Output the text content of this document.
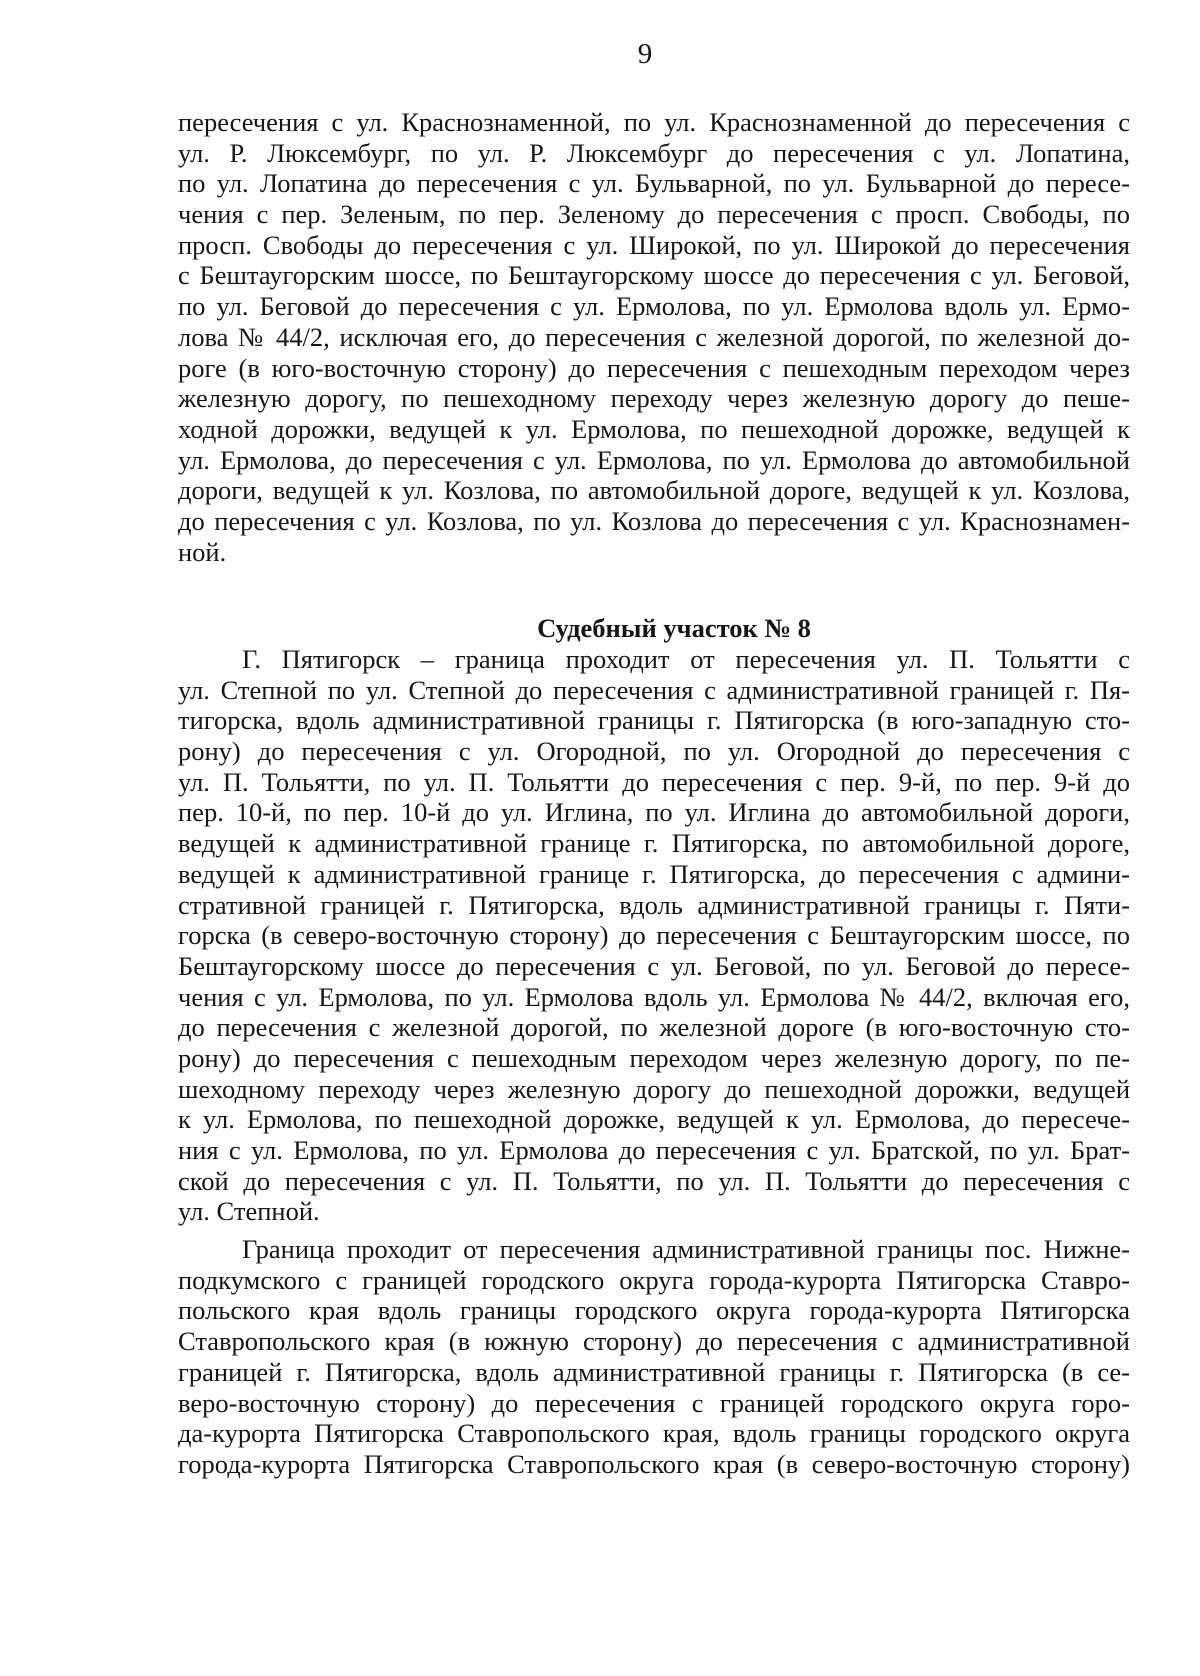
9
пересечения с ул. Краснознаменной, по ул. Краснознаменной до пересечения с
ул. Р. Люксембург, по ул. Р. Люксембург до пересечения с ул. Лопатина,
по ул. Лопатина до пересечения с ул. Бульварной, по ул. Бульварной до пересе-
чения с пер. Зеленым, по пер. Зеленому до пересечения с просп. Свободы, по
просп. Свободы до пересечения с ул. Широкой, по ул. Широкой до пересечения
с Бештаугорским шоссе, по Бештаугорскому шоссе до пересечения с ул. Беговой,
по ул. Беговой до пересечения с ул. Ермолова, по ул. Ермолова вдоль ул. Ермо-
лова № 44/2, исключая его, до пересечения с железной дорогой, по железной до-
роге (в юго-восточную сторону) до пересечения с пешеходным переходом через
железную дорогу, по пешеходному переходу через железную дорогу до пеше-
ходной дорожки, ведущей к ул. Ермолова, по пешеходной дорожке, ведущей к
ул. Ермолова, до пересечения с ул. Ермолова, по ул. Ермолова до автомобильной
дороги, ведущей к ул. Козлова, по автомобильной дороге, ведущей к ул. Козлова,
до пересечения с ул. Козлова, по ул. Козлова до пересечения с ул. Краснознамен-
ной.
Судебный участок № 8
Г. Пятигорск – граница проходит от пересечения ул. П. Тольятти с
ул. Степной по ул. Степной до пересечения с административной границей г. Пя-
тигорска, вдоль административной границы г. Пятигорска (в юго-западную сто-
рону) до пересечения с ул. Огородной, по ул. Огородной до пересечения с
ул. П. Тольятти, по ул. П. Тольятти до пересечения с пер. 9-й, по пер. 9-й до
пер. 10-й, по пер. 10-й до ул. Иглина, по ул. Иглина до автомобильной дороги,
ведущей к административной границе г. Пятигорска, по автомобильной дороге,
ведущей к административной границе г. Пятигорска, до пересечения с админи-
стративной границей г. Пятигорска, вдоль административной границы г. Пяти-
горска (в северо-восточную сторону) до пересечения с Бештаугорским шоссе, по
Бештаугорскому шоссе до пересечения с ул. Беговой, по ул. Беговой до пересе-
чения с ул. Ермолова, по ул. Ермолова вдоль ул. Ермолова № 44/2, включая его,
до пересечения с железной дорогой, по железной дороге (в юго-восточную сто-
рону) до пересечения с пешеходным переходом через железную дорогу, по пе-
шеходному переходу через железную дорогу до пешеходной дорожки, ведущей
к ул. Ермолова, по пешеходной дорожке, ведущей к ул. Ермолова, до пересече-
ния с ул. Ермолова, по ул. Ермолова до пересечения с ул. Братской, по ул. Брат-
ской до пересечения с ул. П. Тольятти, по ул. П. Тольятти до пересечения с
ул. Степной.
Граница проходит от пересечения административной границы пос. Нижне-
подкумского с границей городского округа города-курорта Пятигорска Ставро-
польского края вдоль границы городского округа города-курорта Пятигорска
Ставропольского края (в южную сторону) до пересечения с административной
границей г. Пятигорска, вдоль административной границы г. Пятигорска (в се-
веро-восточную сторону) до пересечения с границей городского округа горо-
да-курорта Пятигорска Ставропольского края, вдоль границы городского округа
города-курорта Пятигорска Ставропольского края (в северо-восточную сторону)
